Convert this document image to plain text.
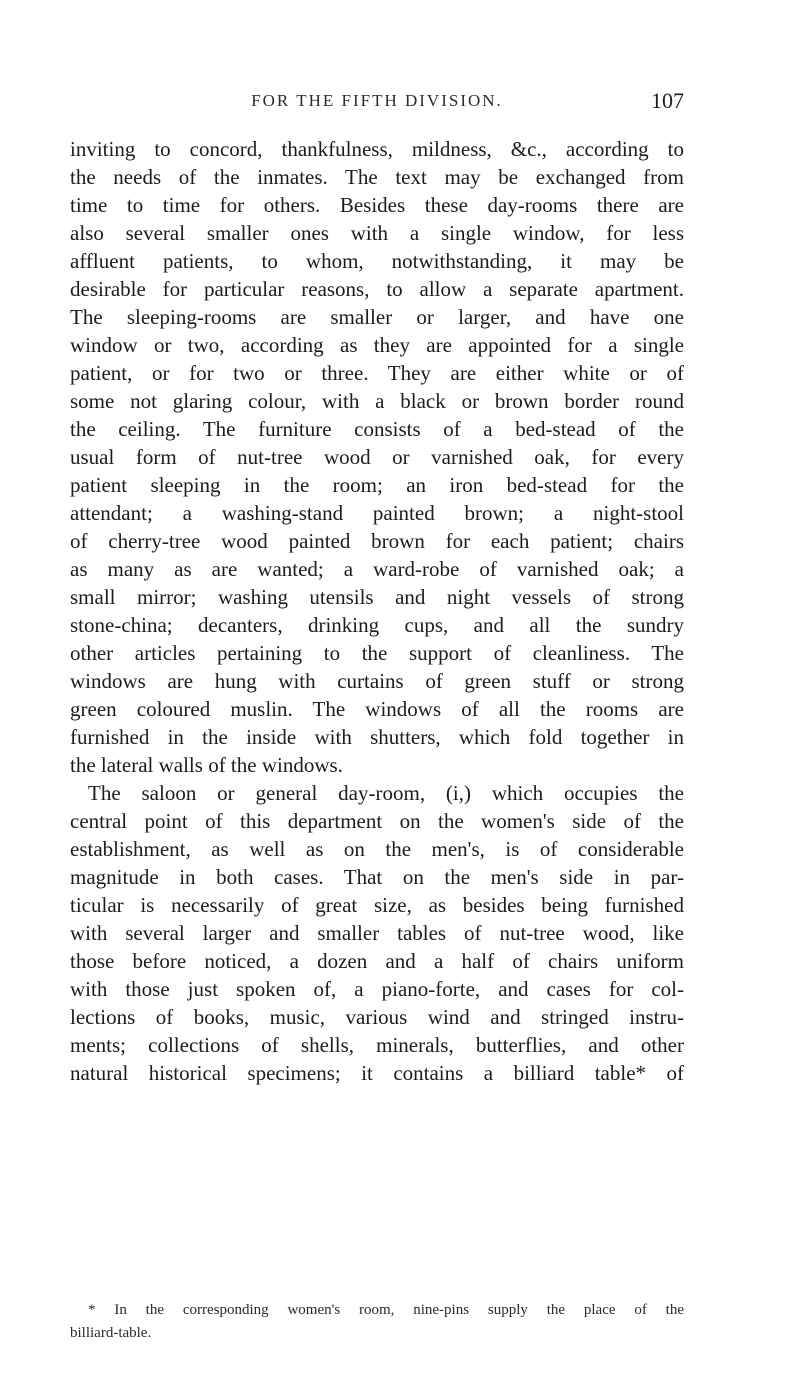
FOR THE FIFTH DIVISION.	107
inviting to concord, thankfulness, mildness, &c., according to
the needs of the inmates. The text may be exchanged from
time to time for others. Besides these day-rooms there are
also several smaller ones with a single window, for less
affluent patients, to whom, notwithstanding, it may be
desirable for particular reasons, to allow a separate apartment.
The sleeping-rooms are smaller or larger, and have one
window or two, according as they are appointed for a single
patient, or for two or three. They are either white or of
some not glaring colour, with a black or brown border round
the ceiling. The furniture consists of a bed-stead of the
usual form of nut-tree wood or varnished oak, for every
patient sleeping in the room; an iron bed-stead for the
attendant; a washing-stand painted brown; a night-stool
of cherry-tree wood painted brown for each patient; chairs
as many as are wanted; a ward-robe of varnished oak; a
small mirror; washing utensils and night vessels of strong
stone-china; decanters, drinking cups, and all the sundry
other articles pertaining to the support of cleanliness. The
windows are hung with curtains of green stuff or strong
green coloured muslin. The windows of all the rooms are
furnished in the inside with shutters, which fold together in
the lateral walls of the windows.
The saloon or general day-room, (i,) which occupies the
central point of this department on the women's side of the
establishment, as well as on the men's, is of considerable
magnitude in both cases. That on the men's side in par-
ticular is necessarily of great size, as besides being furnished
with several larger and smaller tables of nut-tree wood, like
those before noticed, a dozen and a half of chairs uniform
with those just spoken of, a piano-forte, and cases for col-
lections of books, music, various wind and stringed instru-
ments; collections of shells, minerals, butterflies, and other
natural historical specimens; it contains a billiard table* of
* In the corresponding women's room, nine-pins supply the place of the
billiard-table.
